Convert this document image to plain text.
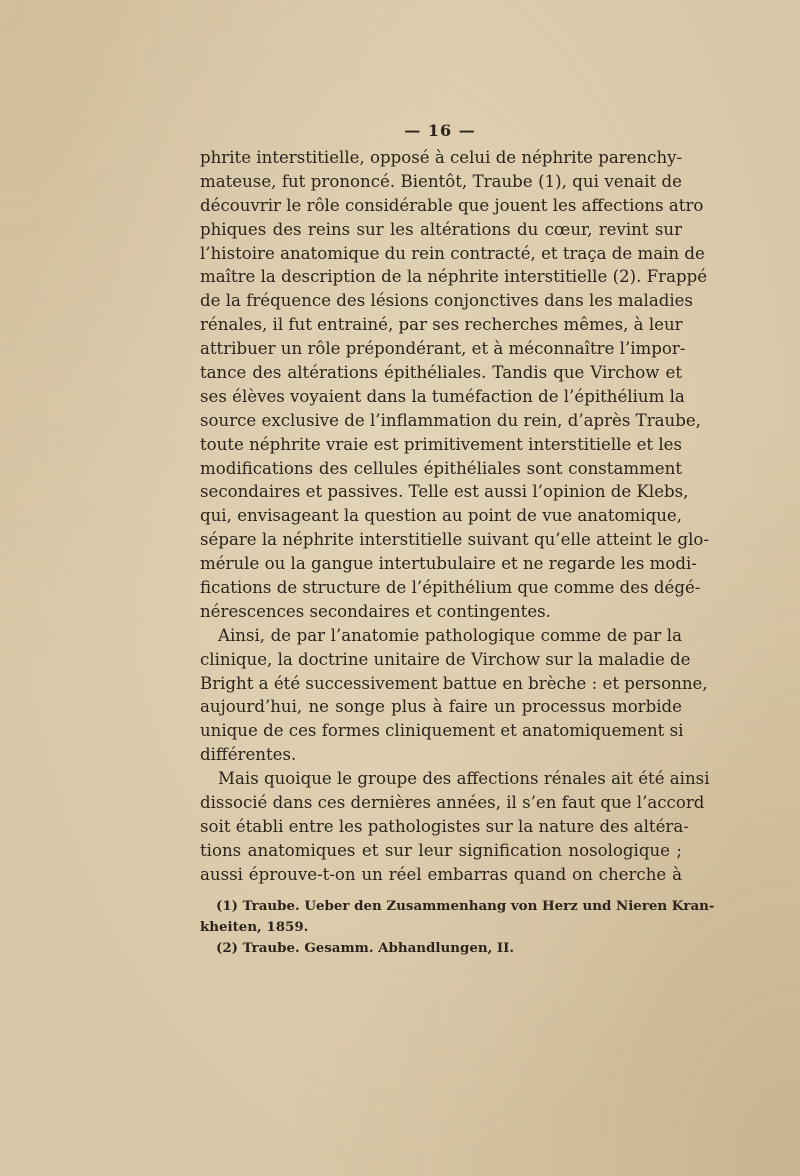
— 16 —
phrite interstitielle, opposé à celui de néphrite parenchy-
mateuse, fut prononcé. Bientôt, Traube (1), qui venait de
découvrir le rôle considérable que jouent les affections atro
phiques des reins sur les altérations du cœur, revint sur
l’histoire anatomique du rein contracté, et traça de main de
maître la description de la néphrite interstitielle (2). Frappé
de la fréquence des lésions conjonctives dans les maladies
rénales, il fut entrainé, par ses recherches mêmes, à leur
attribuer un rôle prépondérant, et à méconnaître l’impor-
tance des altérations épithéliales. Tandis que Virchow et
ses élèves voyaient dans la tuméfaction de l’épithélium la
source exclusive de l’inflammation du rein, d’après Traube,
toute néphrite vraie est primitivement interstitielle et les
modifications des cellules épithéliales sont constamment
secondaires et passives. Telle est aussi l’opinion de Klebs,
qui, envisageant la question au point de vue anatomique,
sépare la néphrite interstitielle suivant qu’elle atteint le glo-
mérule ou la gangue intertubulaire et ne regarde les modi-
fications de structure de l’épithélium que comme des dégé-
nérescences secondaires et contingentes.
Ainsi, de par l’anatomie pathologique comme de par la
clinique, la doctrine unitaire de Virchow sur la maladie de
Bright a été successivement battue en brèche : et personne,
aujourd’hui, ne songe plus à faire un processus morbide
unique de ces formes cliniquement et anatomiquement si
différentes.
Mais quoique le groupe des affections rénales ait été ainsi
dissocié dans ces dernières années, il s’en faut que l’accord
soit établi entre les pathologistes sur la nature des altéra-
tions anatomiques et sur leur signification nosologique ;
aussi éprouve-t-on un réel embarras quand on cherche à
(1) Traube. Ueber den Zusammenhang von Herz und Nieren Kran-
kheiten, 1859.
(2) Traube. Gesamm. Abhandlungen, II.
